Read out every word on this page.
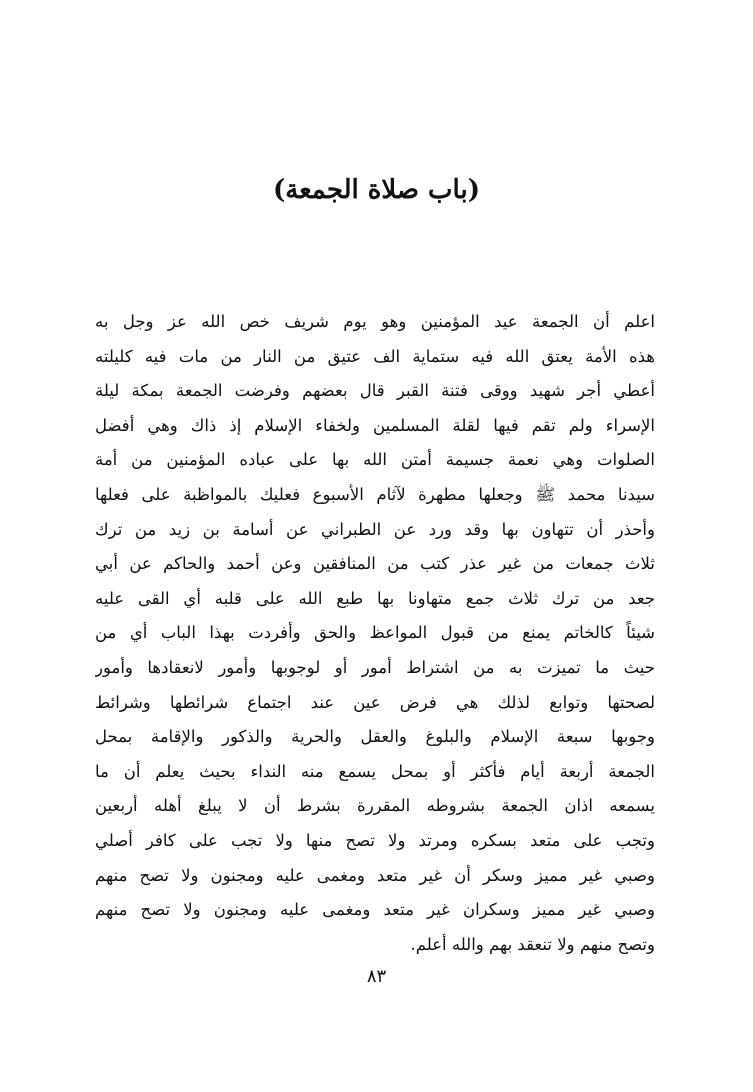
(باب صلاة الجمعة)
اعلم أن الجمعة عيد المؤمنين وهو يوم شريف خص الله عز وجل به
هذه الأمة يعتق الله فيه ستماية الف عتيق من النار من مات فيه كليلته
أعطي أجر شهيد ووقى فتنة القبر قال بعضهم وفرضت الجمعة بمكة ليلة
الإسراء ولم تقم فيها لقلة المسلمين ولخفاء الإسلام إذ ذاك وهي أفضل
الصلوات وهي نعمة جسيمة أمتن الله بها على عباده المؤمنين من أمة
سيدنا محمد ﷺ وجعلها مطهرة لآثام الأسبوع فعليك بالمواظبة على فعلها
وأحذر أن تتهاون بها وقد ورد عن الطبراني عن أسامة بن زيد من ترك
ثلاث جمعات من غير عذر كتب من المنافقين وعن أحمد والحاكم عن أبي
جعد من ترك ثلاث جمع متهاونا بها طبع الله على قلبه أي القى عليه
شيئاً كالخاتم يمنع من قبول المواعظ والحق وأفردت بهذا الباب أي من
حيث ما تميزت به من اشتراط أمور أو لوجوبها وأمور لانعقادها وأمور
لصحتها وتوابع لذلك هي فرض عين عند اجتماع شرائطها وشرائط
وجوبها سبعة الإسلام والبلوغ والعقل والحرية والذكور والإقامة بمحل
الجمعة أربعة أيام فأكثر أو بمحل يسمع منه النداء بحيث يعلم أن ما
يسمعه اذان الجمعة بشروطه المقررة بشرط أن لا يبلغ أهله أربعين
وتجب على متعد بسكره ومرتد ولا تصح منها ولا تجب على كافر أصلي
وصبي غير مميز وسكر أن غير متعد ومغمى عليه ومجنون ولا تصح منهم
وصبي غير مميز وسكران غير متعد ومغمى عليه ومجنون ولا تصح منهم
وتصح منهم ولا تنعقد بهم والله أعلم.
٨٣
